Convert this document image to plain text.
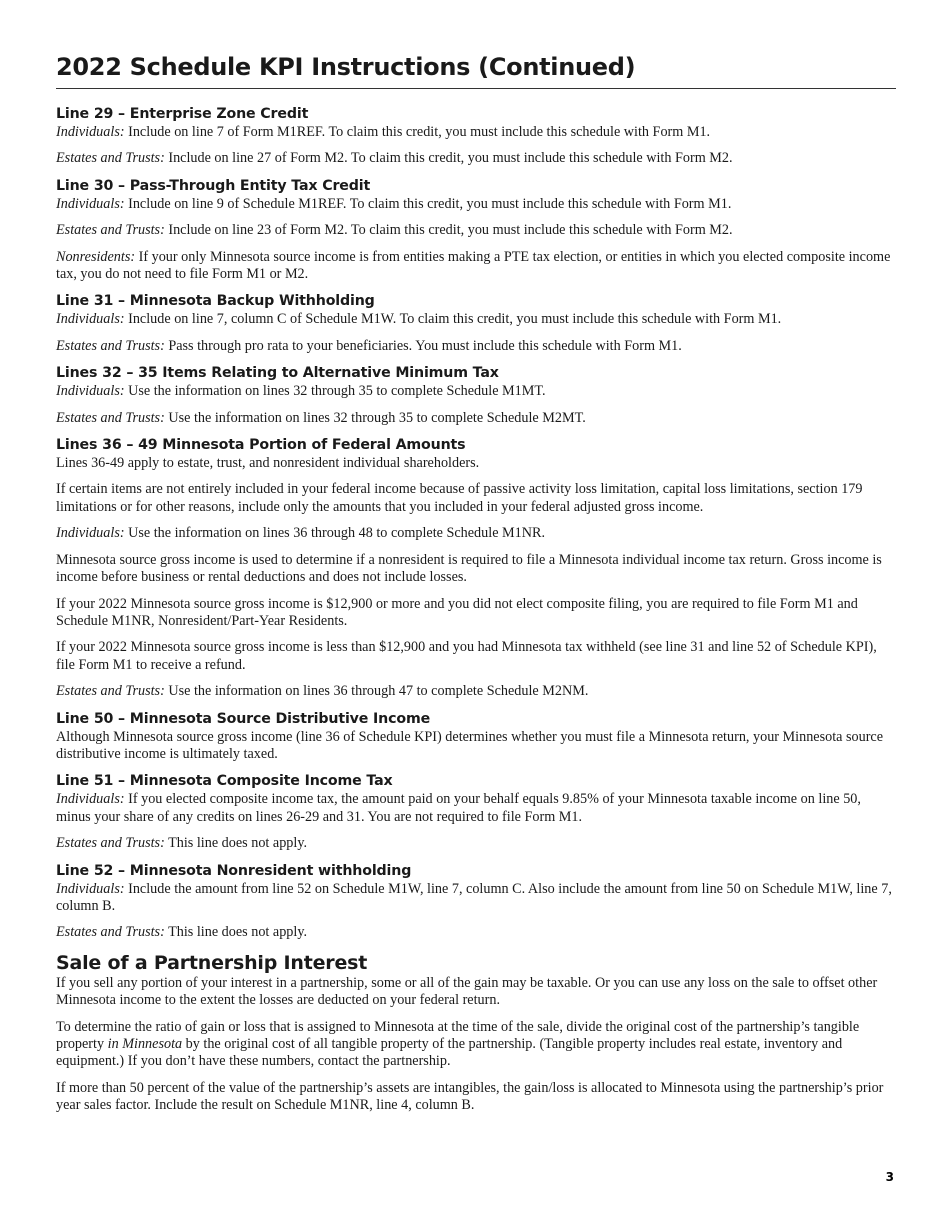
2022 Schedule KPI Instructions (Continued)
Line 29 – Enterprise Zone Credit

Individuals: Include on line 7 of Form M1REF. To claim this credit, you must include this schedule with Form M1.

Estates and Trusts: Include on line 27 of Form M2. To claim this credit, you must include this schedule with Form M2.

Line 30 – Pass-Through Entity Tax Credit

Individuals: Include on line 9 of Schedule M1REF. To claim this credit, you must include this schedule with Form M1.

Estates and Trusts: Include on line 23 of Form M2. To claim this credit, you must include this schedule with Form M2.

Nonresidents: If your only Minnesota source income is from entities making a PTE tax election, or entities in which you elected composite income tax, you do not need to file Form M1 or M2.

Line 31 – Minnesota Backup Withholding

Individuals: Include on line 7, column C of Schedule M1W. To claim this credit, you must include this schedule with Form M1.

Estates and Trusts: Pass through pro rata to your beneficiaries. You must include this schedule with Form M1.

Lines 32 – 35 Items Relating to Alternative Minimum Tax

Individuals: Use the information on lines 32 through 35 to complete Schedule M1MT.

Estates and Trusts: Use the information on lines 32 through 35 to complete Schedule M2MT.

Lines 36 – 49 Minnesota Portion of Federal Amounts

Lines 36-49 apply to estate, trust, and nonresident individual shareholders.

If certain items are not entirely included in your federal income because of passive activity loss limitation, capital loss limitations, section 179 limitations or for other reasons, include only the amounts that you included in your federal adjusted gross income.

Individuals: Use the information on lines 36 through 48 to complete Schedule M1NR.

Minnesota source gross income is used to determine if a nonresident is required to file a Minnesota individual income tax return. Gross income is income before business or rental deductions and does not include losses.

If your 2022 Minnesota source gross income is $12,900 or more and you did not elect composite filing, you are required to file Form M1 and Schedule M1NR, Nonresident/Part-Year Residents.

If your 2022 Minnesota source gross income is less than $12,900 and you had Minnesota tax withheld (see line 31 and line 52 of Schedule KPI), file Form M1 to receive a refund.

Estates and Trusts: Use the information on lines 36 through 47 to complete Schedule M2NM.

Line 50 – Minnesota Source Distributive Income

Although Minnesota source gross income (line 36 of Schedule KPI) determines whether you must file a Minnesota return, your Minnesota source distributive income is ultimately taxed.

Line 51 – Minnesota Composite Income Tax

Individuals: If you elected composite income tax, the amount paid on your behalf equals 9.85% of your Minnesota taxable income on line 50, minus your share of any credits on lines 26-29 and 31. You are not required to file Form M1.

Estates and Trusts: This line does not apply.

Line 52 – Minnesota Nonresident withholding

Individuals: Include the amount from line 52 on Schedule M1W, line 7, column C. Also include the amount from line 50 on Schedule M1W, line 7, column B.

Estates and Trusts: This line does not apply.

Sale of a Partnership Interest

If you sell any portion of your interest in a partnership, some or all of the gain may be taxable. Or you can use any loss on the sale to offset other Minnesota income to the extent the losses are deducted on your federal return.

To determine the ratio of gain or loss that is assigned to Minnesota at the time of the sale, divide the original cost of the partnership’s tangible property in Minnesota by the original cost of all tangible property of the partnership. (Tangible property includes real estate, inventory and equipment.) If you don’t have these numbers, contact the partnership.

If more than 50 percent of the value of the partnership’s assets are intangibles, the gain/loss is allocated to Minnesota using the partnership’s prior year sales factor. Include the result on Schedule M1NR, line 4, column B.

3
